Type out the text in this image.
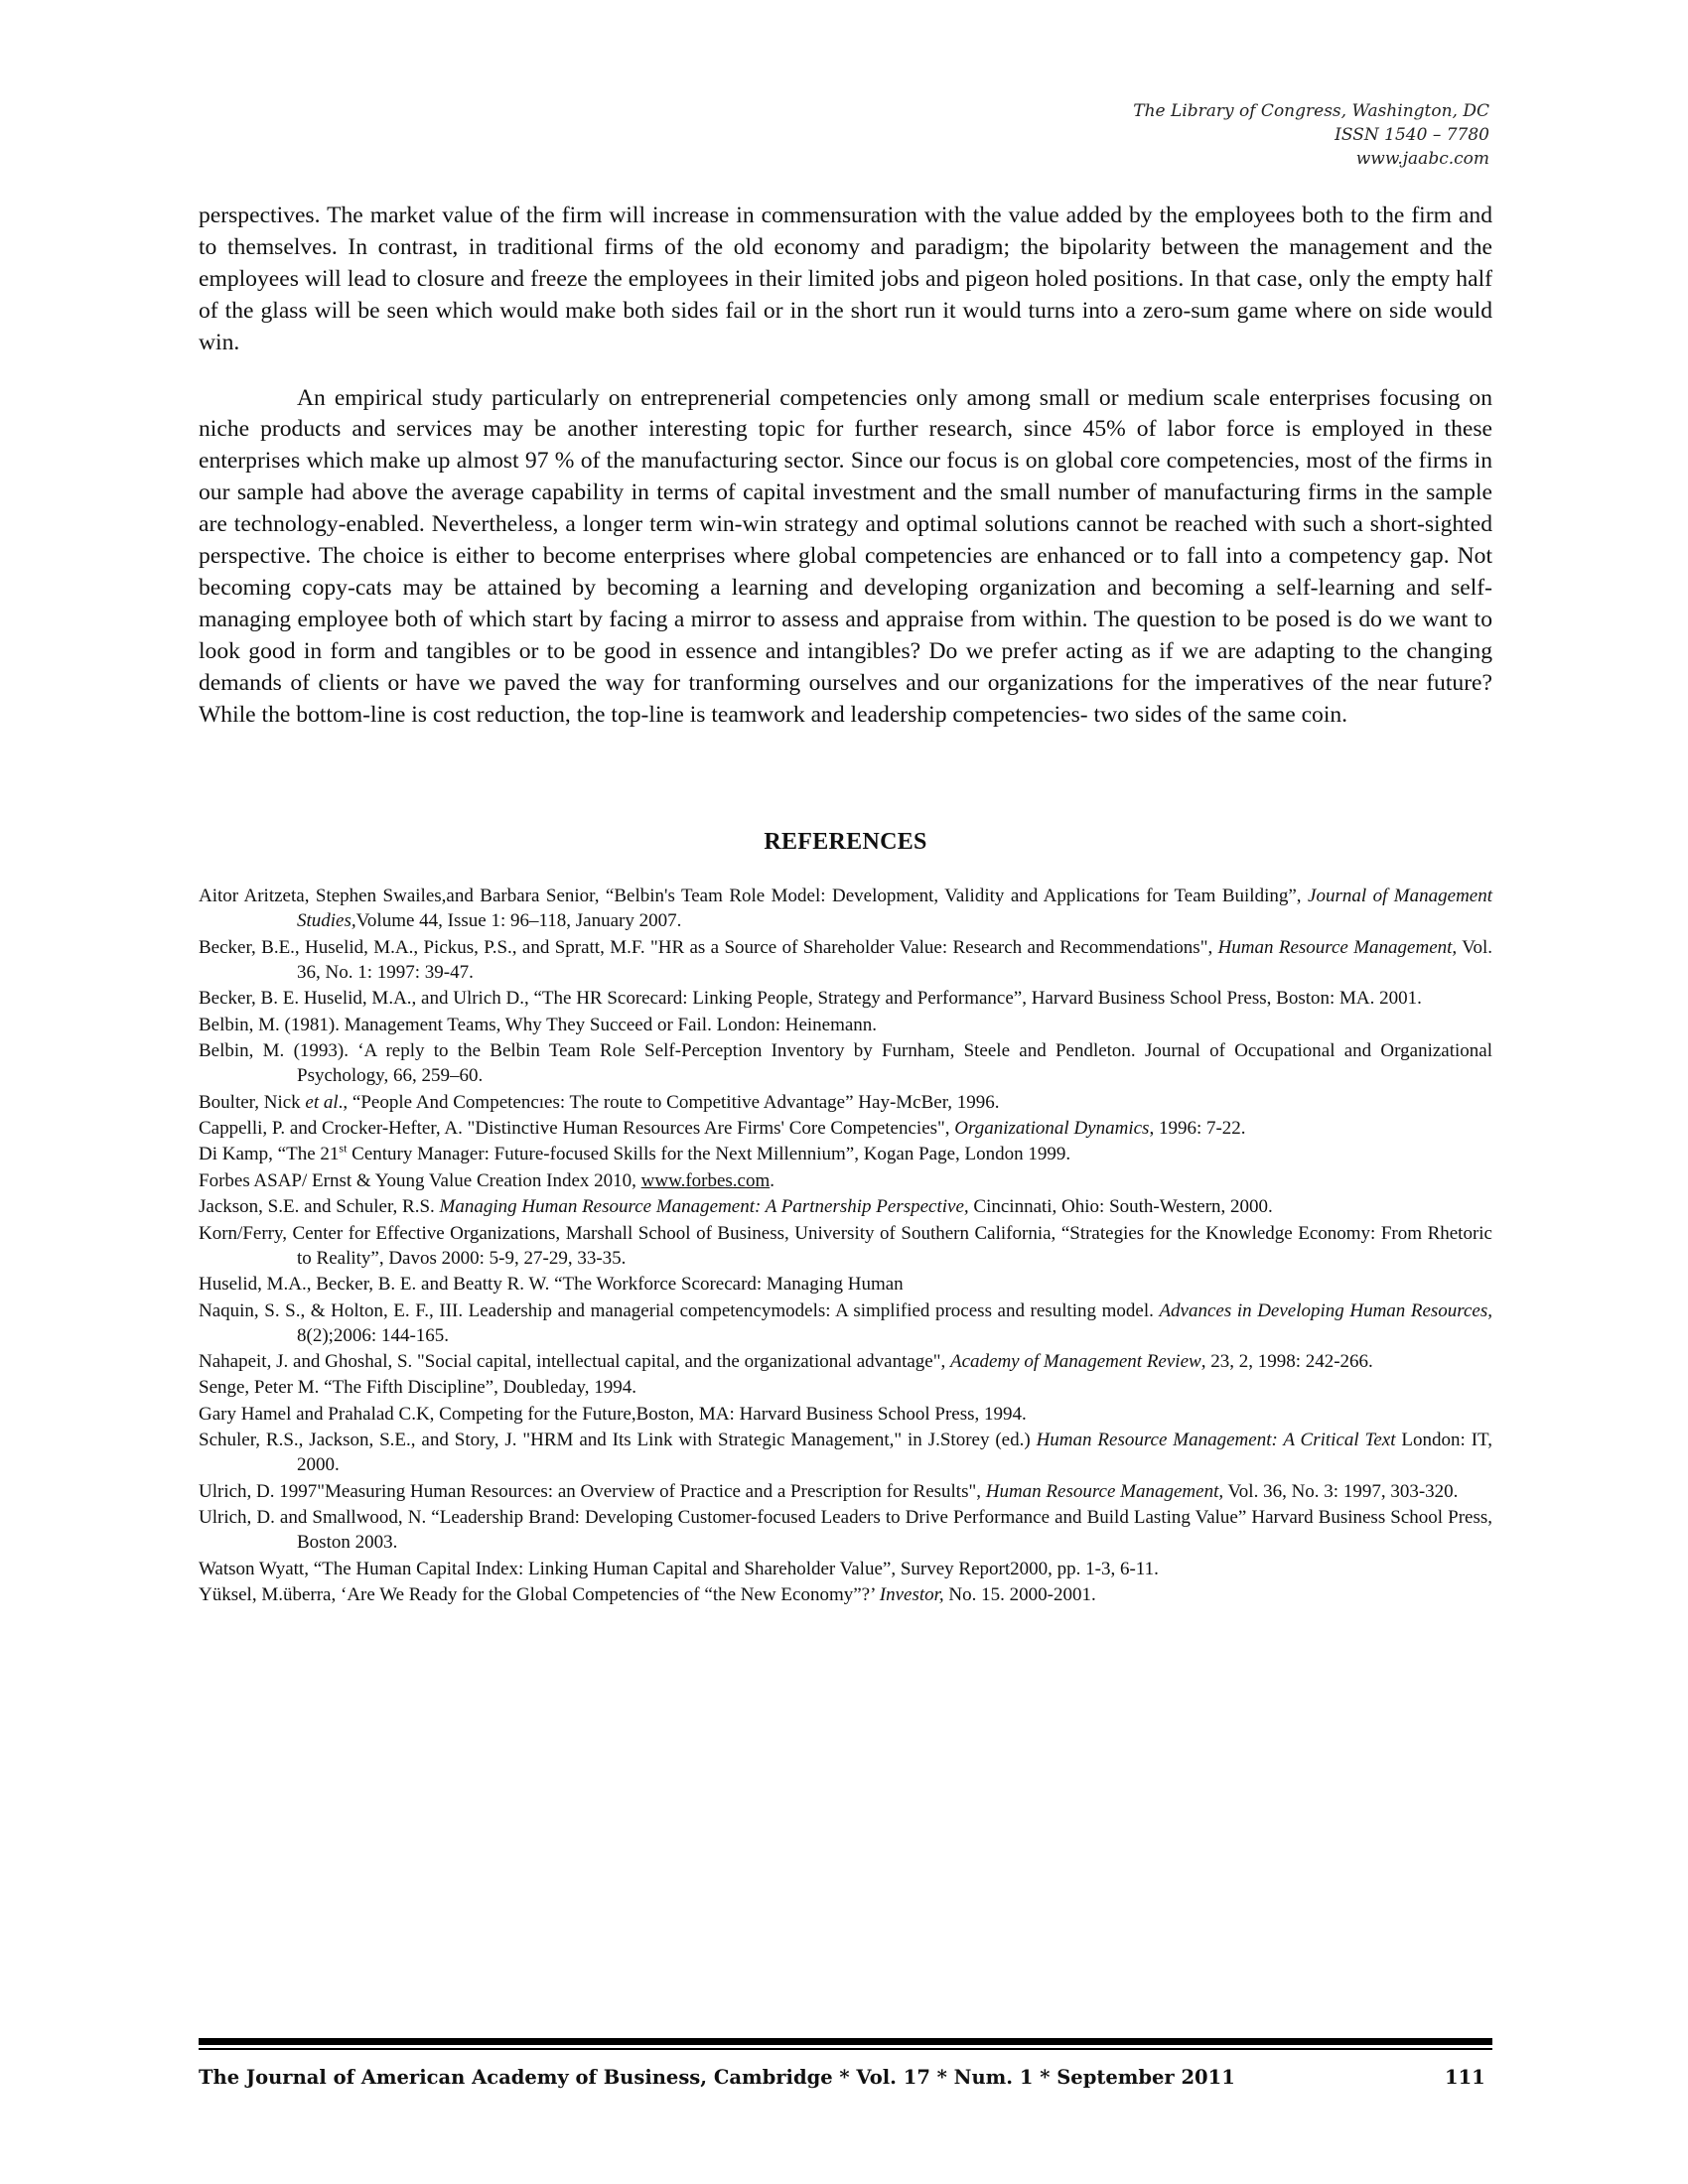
The Library of Congress, Washington, DC
ISSN 1540 – 7780
www.jaabc.com

perspectives. The market value of the firm will increase in commensuration with the value added by the employees both to the firm and to themselves. In contrast, in traditional firms of the old economy and paradigm; the bipolarity between the management and the employees will lead to closure and freeze the employees in their limited jobs and pigeon holed positions. In that case, only the empty half of the glass will be seen which would make both sides fail or in the short run it would turns into a zero-sum game where on side would win.

An empirical study particularly on entreprenerial competencies only among small or medium scale enterprises focusing on niche products and services may be another interesting topic for further research, since 45% of labor force is employed in these enterprises which make up almost 97 % of the manufacturing sector. Since our focus is on global core competencies, most of the firms in our sample had above the average capability in terms of capital investment and the small number of manufacturing firms in the sample are technology-enabled. Nevertheless, a longer term win-win strategy and optimal solutions cannot be reached with such a short-sighted perspective. The choice is either to become enterprises where global competencies are enhanced or to fall into a competency gap. Not becoming copy-cats may be attained by becoming a learning and developing organization and becoming a self-learning and self-managing employee both of which start by facing a mirror to assess and appraise from within. The question to be posed is do we want to look good in form and tangibles or to be good in essence and intangibles? Do we prefer acting as if we are adapting to the changing demands of clients or have we paved the way for tranforming ourselves and our organizations for the imperatives of the near future? While the bottom-line is cost reduction, the top-line is teamwork and leadership competencies- two sides of the same coin.

REFERENCES

Aitor Aritzeta, Stephen Swailes,and Barbara Senior, “Belbin's Team Role Model: Development, Validity and Applications for Team Building”, Journal of Management Studies,Volume 44, Issue 1: 96–118, January 2007.

Becker, B.E., Huselid, M.A., Pickus, P.S., and Spratt, M.F. "HR as a Source of Shareholder Value: Research and Recommendations", Human Resource Management, Vol. 36, No. 1: 1997: 39-47.

Becker, B. E. Huselid, M.A., and Ulrich D., “The HR Scorecard: Linking People, Strategy and Performance”, Harvard Business School Press, Boston: MA. 2001.

Belbin, M. (1981). Management Teams, Why They Succeed or Fail. London: Heinemann.

Belbin, M. (1993). ‘A reply to the Belbin Team Role Self-Perception Inventory by Furnham, Steele and Pendleton. Journal of Occupational and Organizational Psychology, 66, 259–60.

Boulter, Nick et al., “People And Competencıes: The route to Competitive Advantage” Hay-McBer, 1996.

Cappelli, P. and Crocker-Hefter, A. "Distinctive Human Resources Are Firms' Core Competencies", Organizational Dynamics, 1996: 7-22.

Di Kamp, “The 21st Century Manager: Future-focused Skills for the Next Millennium”, Kogan Page, London 1999.

Forbes ASAP/ Ernst & Young Value Creation Index 2010, www.forbes.com.

Jackson, S.E. and Schuler, R.S. Managing Human Resource Management: A Partnership Perspective, Cincinnati, Ohio: South-Western, 2000.

Korn/Ferry, Center for Effective Organizations, Marshall School of Business, University of Southern California, “Strategies for the Knowledge Economy: From Rhetoric to Reality”, Davos 2000: 5-9, 27-29, 33-35.

Huselid, M.A., Becker, B. E. and Beatty R. W. “The Workforce Scorecard: Managing Human

Naquin, S. S., & Holton, E. F., III. Leadership and managerial competencymodels: A simplified process and resulting model. Advances in Developing Human Resources, 8(2);2006: 144-165.

Nahapeit, J. and Ghoshal, S. "Social capital, intellectual capital, and the organizational advantage", Academy of Management Review, 23, 2, 1998: 242-266.

Senge, Peter M. “The Fifth Discipline”, Doubleday, 1994.

Gary Hamel and Prahalad C.K, Competing for the Future,Boston, MA: Harvard Business School Press, 1994.

Schuler, R.S., Jackson, S.E., and Story, J. "HRM and Its Link with Strategic Management," in J.Storey (ed.) Human Resource Management: A Critical Text London: IT, 2000.

Ulrich, D. 1997"Measuring Human Resources: an Overview of Practice and a Prescription for Results", Human Resource Management, Vol. 36, No. 3: 1997, 303-320.

Ulrich, D. and Smallwood, N. “Leadership Brand: Developing Customer-focused Leaders to Drive Performance and Build Lasting Value” Harvard Business School Press, Boston 2003.

Watson Wyatt, “The Human Capital Index: Linking Human Capital and Shareholder Value”, Survey Report2000, pp. 1-3, 6-11.

Yüksel, M.überra, ‘Are We Ready for the Global Competencies of “the New Economy”?’ Investor, No. 15. 2000-2001.

The Journal of American Academy of Business, Cambridge * Vol. 17 * Num. 1 * September 2011	111
